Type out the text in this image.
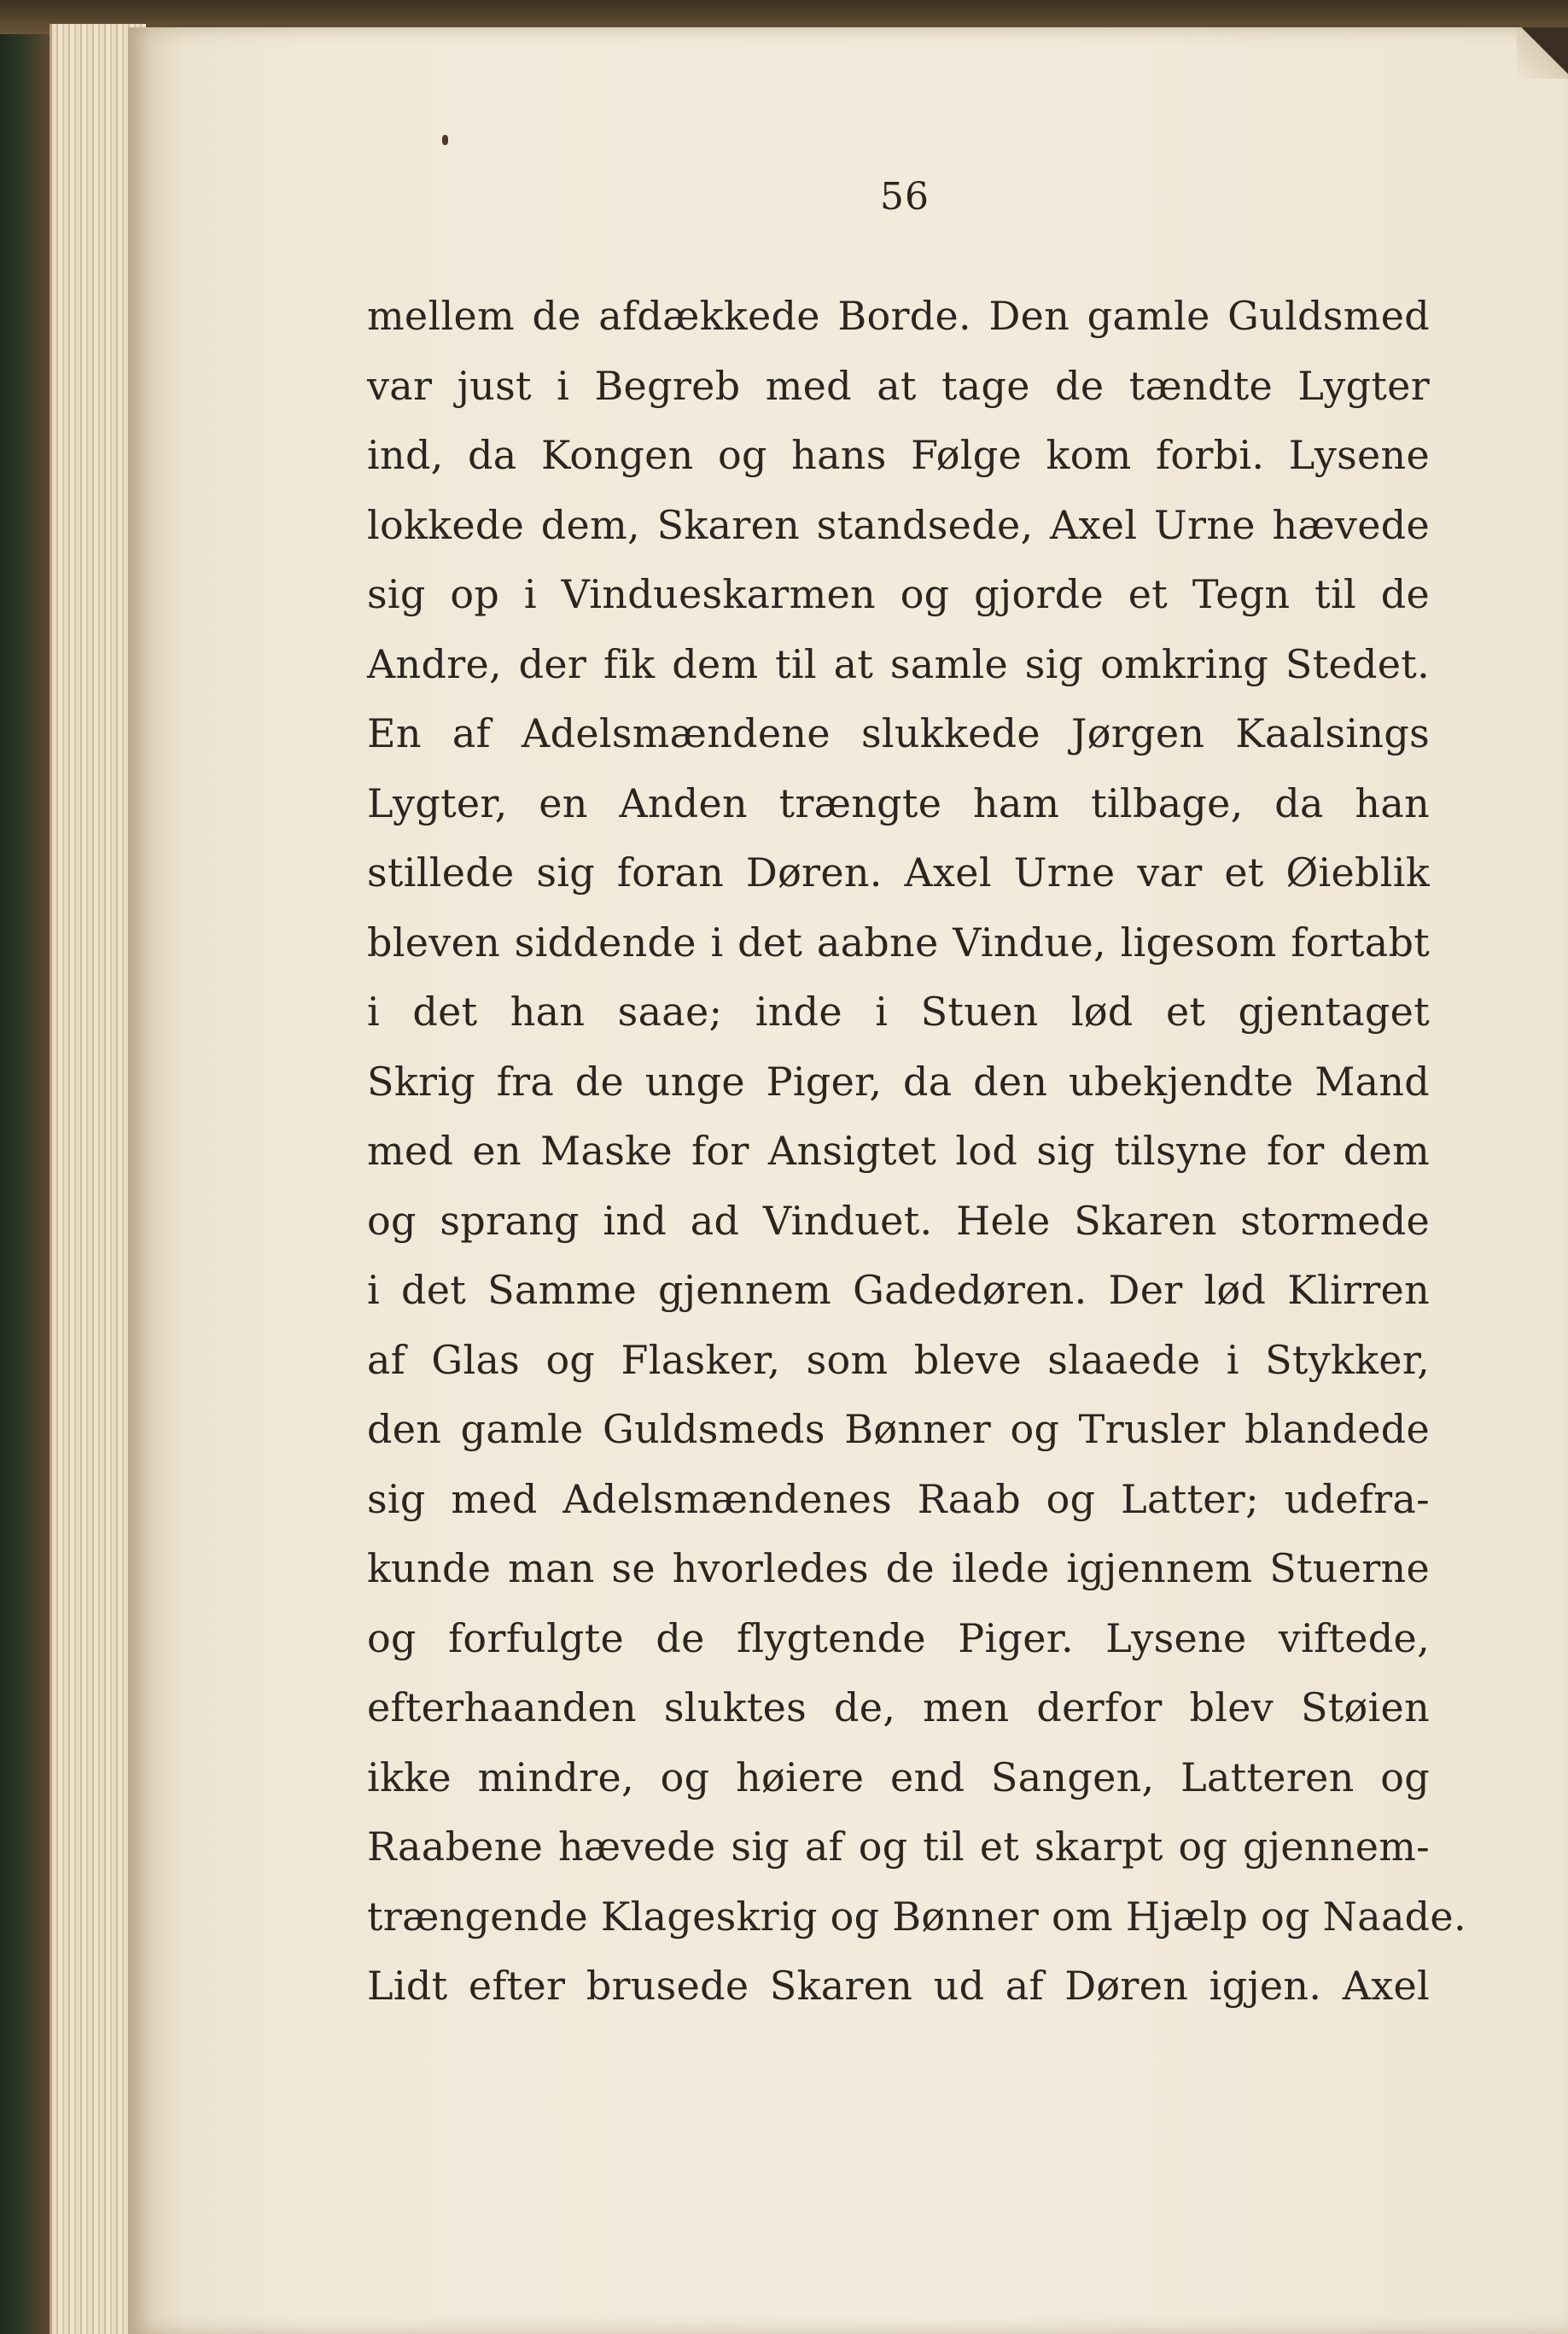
56
mellem de afdækkede Borde. Den gamle Guldsmed
var just i Begreb med at tage de tændte Lygter
ind, da Kongen og hans Følge kom forbi. Lysene
lokkede dem, Skaren standsede, Axel Urne hævede
sig op i Vindueskarmen og gjorde et Tegn til de
Andre, der fik dem til at samle sig omkring Stedet.
En af Adelsmændene slukkede Jørgen Kaalsings
Lygter, en Anden trængte ham tilbage, da han
stillede sig foran Døren. Axel Urne var et Øieblik
bleven siddende i det aabne Vindue, ligesom fortabt
i det han saae; inde i Stuen lød et gjentaget
Skrig fra de unge Piger, da den ubekjendte Mand
med en Maske for Ansigtet lod sig tilsyne for dem
og sprang ind ad Vinduet. Hele Skaren stormede
i det Samme gjennem Gadedøren. Der lød Klirren
af Glas og Flasker, som bleve slaaede i Stykker,
den gamle Guldsmeds Bønner og Trusler blandede
sig med Adelsmændenes Raab og Latter; udefra-
kunde man se hvorledes de ilede igjennem Stuerne
og forfulgte de flygtende Piger. Lysene viftede,
efterhaanden sluktes de, men derfor blev Støien
ikke mindre, og høiere end Sangen, Latteren og
Raabene hævede sig af og til et skarpt og gjennem-
trængende Klageskrig og Bønner om Hjælp og Naade.
Lidt efter brusede Skaren ud af Døren igjen. Axel
